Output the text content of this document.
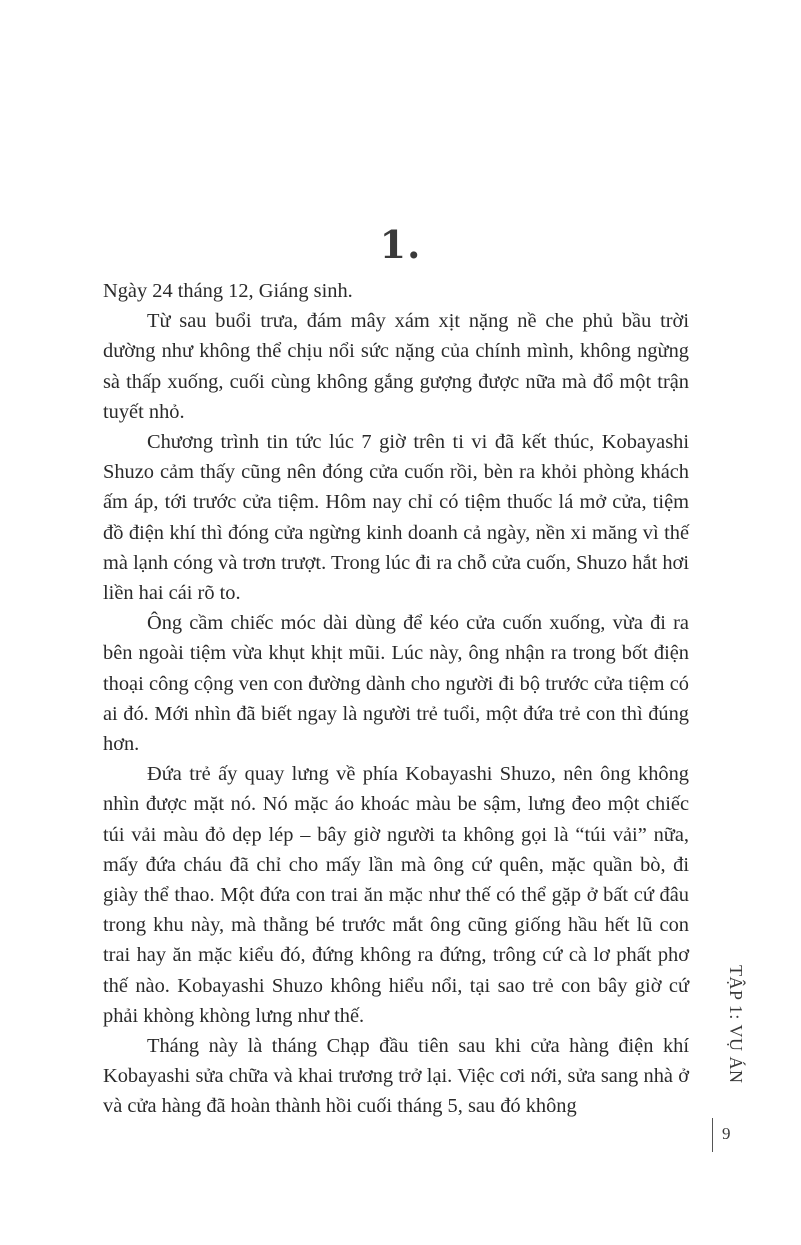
1.

Ngày 24 tháng 12, Giáng sinh.

Từ sau buổi trưa, đám mây xám xịt nặng nề che phủ bầu trời dường như không thể chịu nổi sức nặng của chính mình, không ngừng sà thấp xuống, cuối cùng không gắng gượng được nữa mà đổ một trận tuyết nhỏ.

Chương trình tin tức lúc 7 giờ trên ti vi đã kết thúc, Kobayashi Shuzo cảm thấy cũng nên đóng cửa cuốn rồi, bèn ra khỏi phòng khách ấm áp, tới trước cửa tiệm. Hôm nay chỉ có tiệm thuốc lá mở cửa, tiệm đồ điện khí thì đóng cửa ngừng kinh doanh cả ngày, nền xi măng vì thế mà lạnh cóng và trơn trượt. Trong lúc đi ra chỗ cửa cuốn, Shuzo hắt hơi liền hai cái rõ to.

Ông cầm chiếc móc dài dùng để kéo cửa cuốn xuống, vừa đi ra bên ngoài tiệm vừa khụt khịt mũi. Lúc này, ông nhận ra trong bốt điện thoại công cộng ven con đường dành cho người đi bộ trước cửa tiệm có ai đó. Mới nhìn đã biết ngay là người trẻ tuổi, một đứa trẻ con thì đúng hơn.

Đứa trẻ ấy quay lưng về phía Kobayashi Shuzo, nên ông không nhìn được mặt nó. Nó mặc áo khoác màu be sậm, lưng đeo một chiếc túi vải màu đỏ dẹp lép – bây giờ người ta không gọi là “túi vải” nữa, mấy đứa cháu đã chỉ cho mấy lần mà ông cứ quên, mặc quần bò, đi giày thể thao. Một đứa con trai ăn mặc như thế có thể gặp ở bất cứ đâu trong khu này, mà thằng bé trước mắt ông cũng giống hầu hết lũ con trai hay ăn mặc kiểu đó, đứng không ra đứng, trông cứ cà lơ phất phơ thế nào. Kobayashi Shuzo không hiểu nổi, tại sao trẻ con bây giờ cứ phải khòng khòng lưng như thế.

Tháng này là tháng Chạp đầu tiên sau khi cửa hàng điện khí Kobayashi sửa chữa và khai trương trở lại. Việc cơi nới, sửa sang nhà ở và cửa hàng đã hoàn thành hồi cuối tháng 5, sau đó không

TẬP 1: VỤ ÁN
9
